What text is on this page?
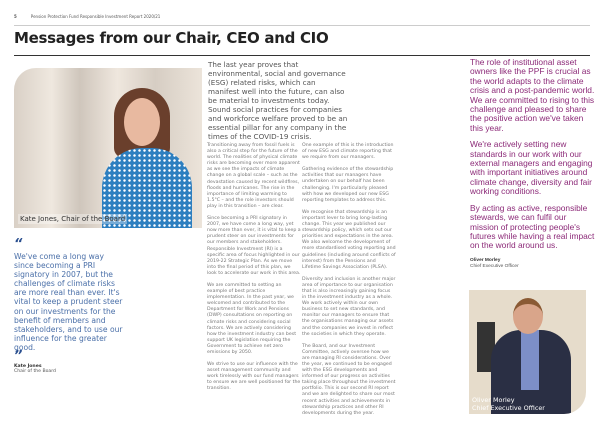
5	Pension Protection Fund Responsible Investment Report 2020/21
Messages from our Chair, CEO and CIO
Kate Jones, Chair of the Board
“
We've come a long way since becoming a PRI signatory in 2007, but the challenges of climate risks are more real than ever. It's vital to keep a prudent steer on our investments for the benefit of members and stakeholders, and to use our influence for the greater good.
”
Kate Jones
Chair of the Board
The last year proves that environmental, social and governance (ESG) related risks, which can manifest well into the future, can also be material to investments today. Sound social practices for companies and workforce welfare proved to be an essential pillar for any company in the times of the COVID-19 crisis.

Transitioning away from fossil fuels is also a critical step for the future of the world. The realities of physical climate risks are becoming ever more apparent as we see the impacts of climate change on a global scale – such as the devastation caused by recent wildfires, floods and hurricanes. The rise in the importance of limiting warming to 1.5°C – and the role investors should play in this transition – are clear.

Since becoming a PRI signatory in 2007, we have come a long way, yet now more than ever, it is vital to keep a prudent steer on our investments for our members and stakeholders. Responsible Investment (RI) is a specific area of focus highlighted in our 2019-22 Strategic Plan. As we move into the final period of this plan, we look to accelerate our work in this area.

We are committed to setting an example of best practice implementation. In the past year, we welcomed and contributed to the Department for Work and Pensions (DWP) consultations on reporting on climate risks and considering social factors. We are actively considering how the investment industry can best support UK legislation requiring the Government to achieve net zero emissions by 2050.

We strive to use our influence with the asset management community and work tirelessly with our fund managers to ensure we are well positioned for the transition.

One example of this is the introduction of new ESG and climate reporting that we require from our managers.

Gathering evidence of the stewardship activities that our managers have undertaken on our behalf has been challenging. I'm particularly pleased with how we developed our new ESG reporting templates to address this.

We recognise that stewardship is an important lever to bring long-lasting change. This year we published our stewardship policy, which sets out our priorities and expectations in the area. We also welcome the development of more standardised voting reporting and guidelines (including around conflicts of interest) from the Pensions and Lifetime Savings Association (PLSA).

Diversity and inclusion is another major area of importance to our organisation that is also increasingly gaining focus in the investment industry as a whole. We work actively within our own business to set new standards, and monitor our managers to ensure that the organisations managing our assets and the companies we invest in reflect the societies in which they operate.

The Board, and our Investment Committee, actively oversee how we are managing RI considerations. Over the year, we continued to be engaged with the ESG developments and informed of our progress on activities taking place throughout the investment portfolio. This is our second RI report and we are delighted to share our most recent activities and achievements in stewardship practices and other RI developments during the year.

The role of institutional asset owners like the PPF is crucial as the world adapts to the climate crisis and a post-pandemic world. We are committed to rising to this challenge and pleased to share the positive action we've taken this year.

We're actively setting new standards in our work with our external managers and engaging with important initiatives around climate change, diversity and fair working conditions.

By acting as active, responsible stewards, we can fulfil our mission of protecting people's futures while having a real impact on the world around us.

Oliver Morley
Chief Executive Officer
Oliver Morley
Chief Executive Officer
